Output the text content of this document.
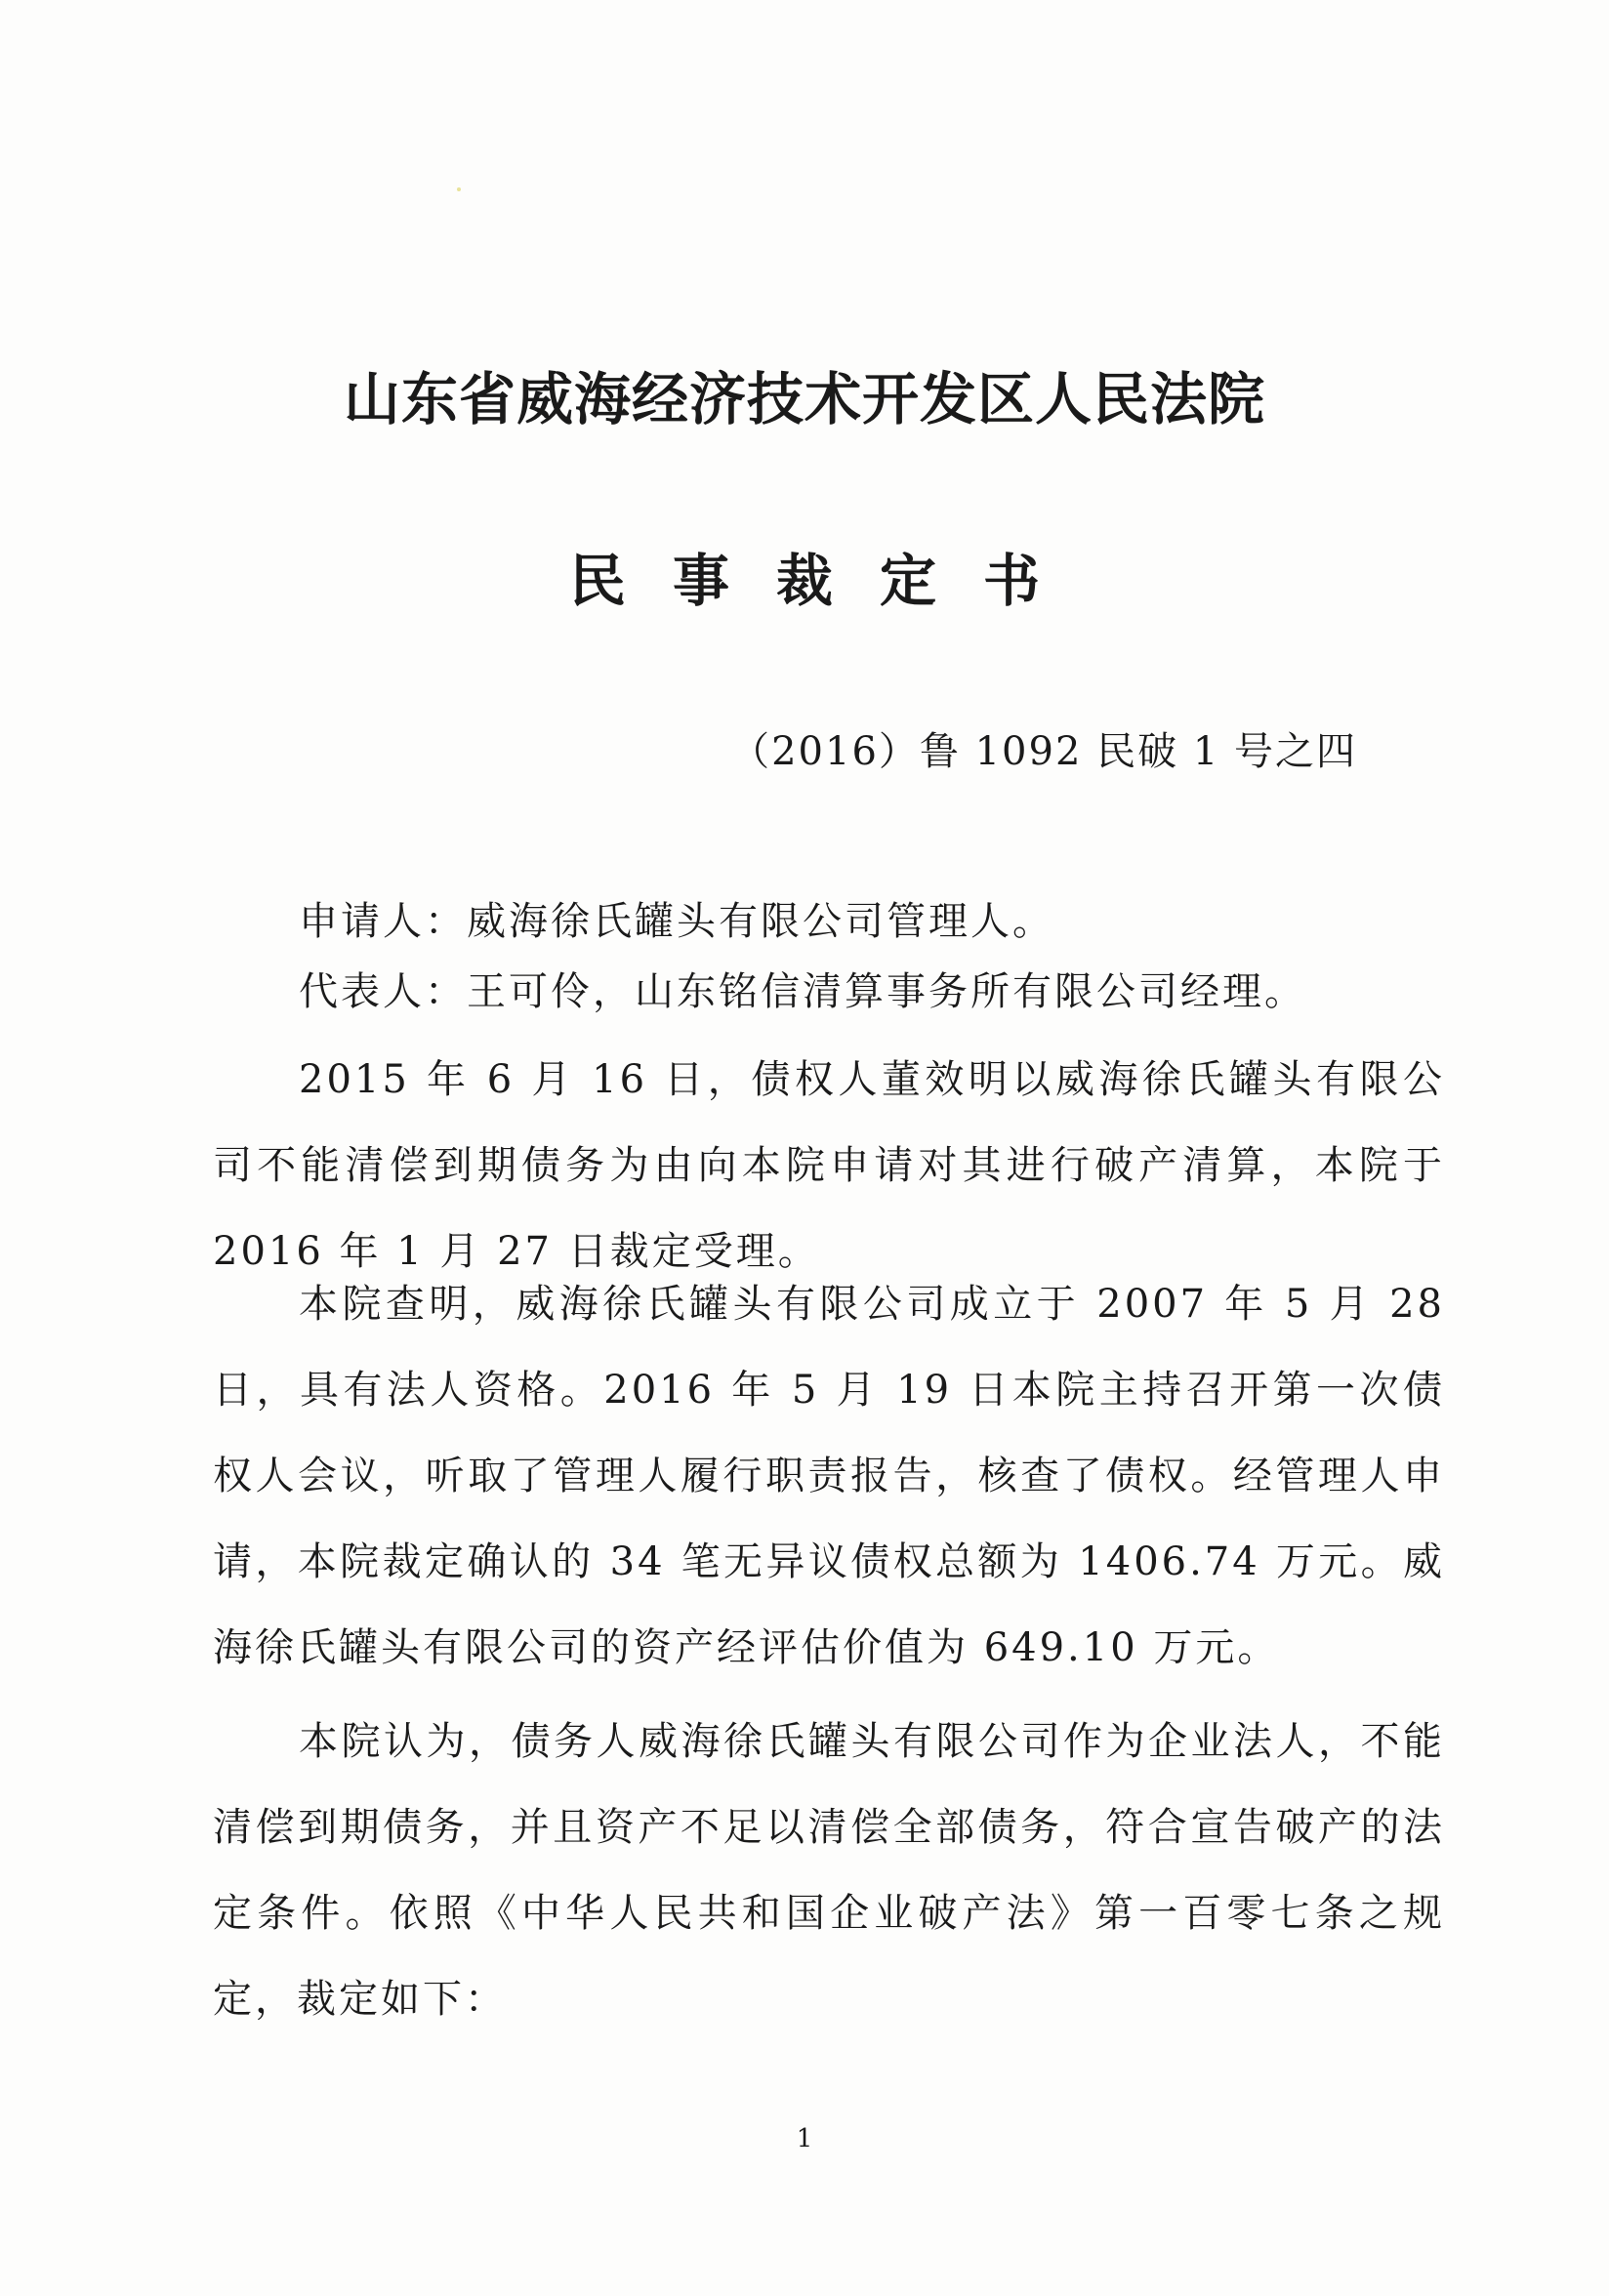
山东省威海经济技术开发区人民法院
民事裁定书
（2016）鲁 1092 民破 1 号之四

申请人：威海徐氏罐头有限公司管理人。

代表人：王可伶，山东铭信清算事务所有限公司经理。

2015 年 6 月 16 日，债权人董效明以威海徐氏罐头有限公司不能清偿到期债务为由向本院申请对其进行破产清算，本院于 2016 年 1 月 27 日裁定受理。

本院查明，威海徐氏罐头有限公司成立于 2007 年 5 月 28 日，具有法人资格。2016 年 5 月 19 日本院主持召开第一次债权人会议，听取了管理人履行职责报告，核查了债权。经管理人申请，本院裁定确认的 34 笔无异议债权总额为 1406.74 万元。威海徐氏罐头有限公司的资产经评估价值为 649.10 万元。

本院认为，债务人威海徐氏罐头有限公司作为企业法人，不能清偿到期债务，并且资产不足以清偿全部债务，符合宣告破产的法定条件。依照《中华人民共和国企业破产法》第一百零七条之规定，裁定如下：

1
